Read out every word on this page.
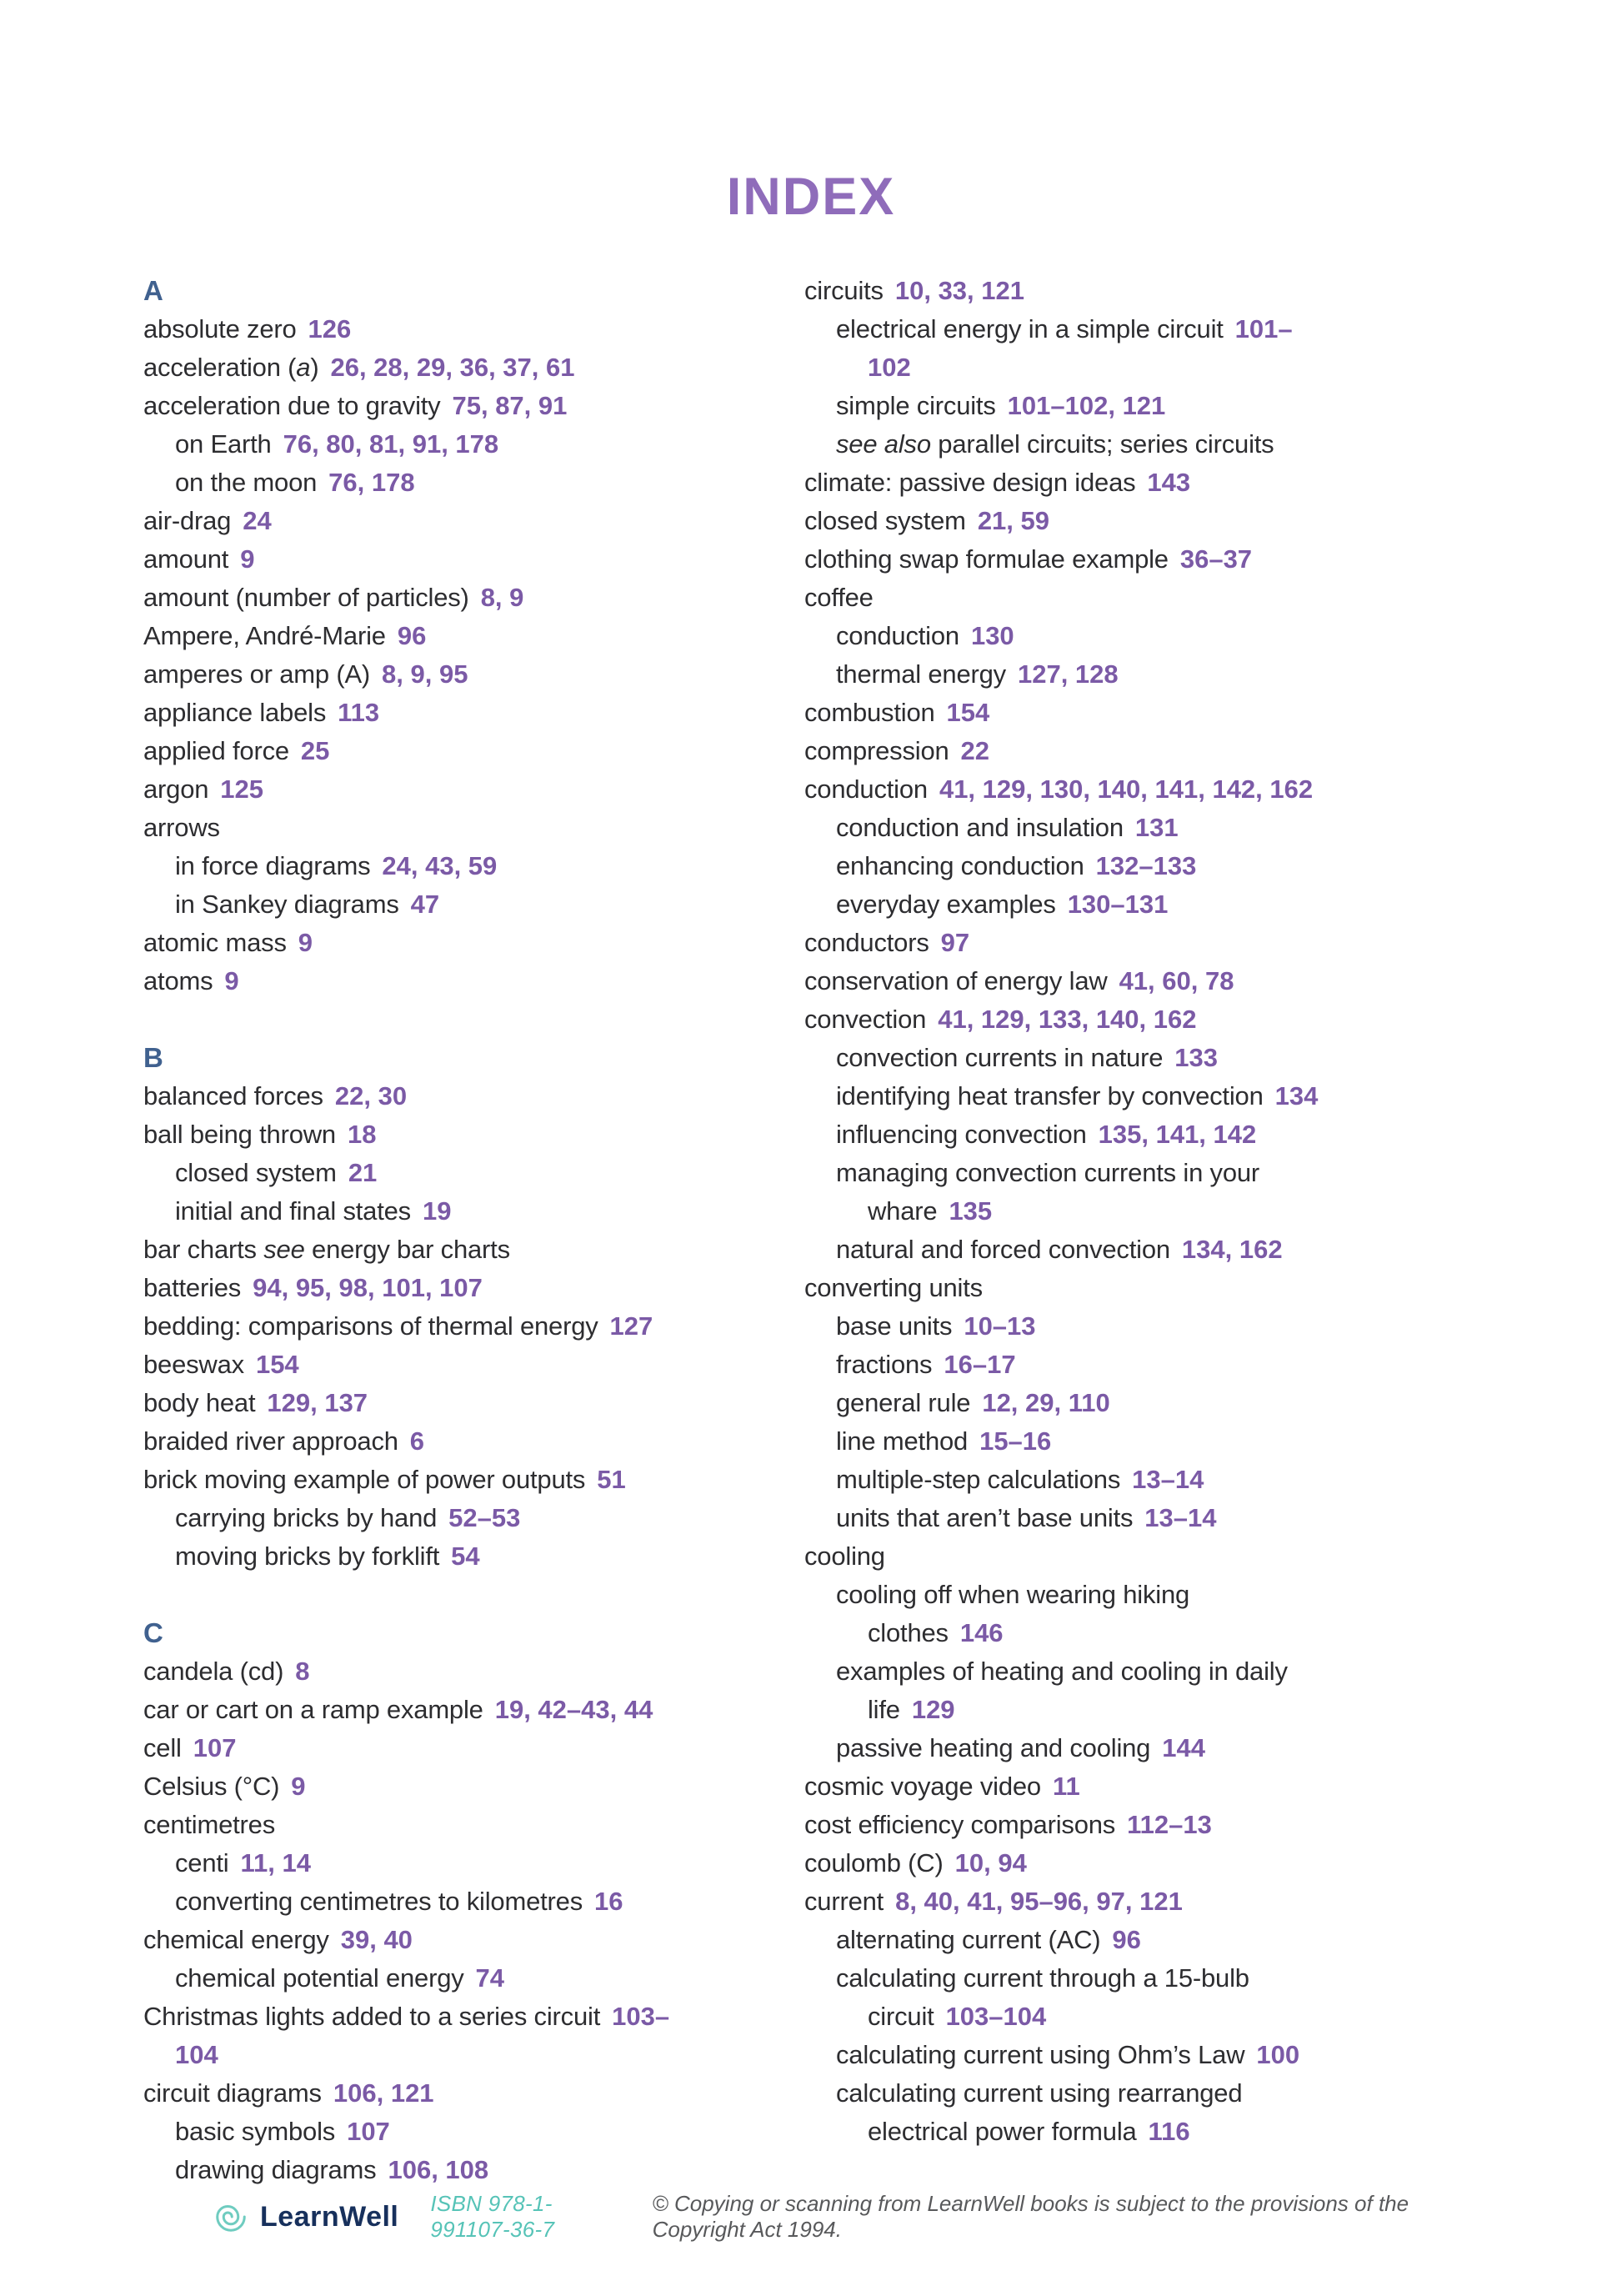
INDEX
A
absolute zero 126
acceleration (a) 26, 28, 29, 36, 37, 61
acceleration due to gravity 75, 87, 91
on Earth 76, 80, 81, 91, 178
on the moon 76, 178
air-drag 24
amount 9
amount (number of particles) 8, 9
Ampere, André-Marie 96
amperes or amp (A) 8, 9, 95
appliance labels 113
applied force 25
argon 125
arrows
in force diagrams 24, 43, 59
in Sankey diagrams 47
atomic mass 9
atoms 9
B
balanced forces 22, 30
ball being thrown 18
closed system 21
initial and final states 19
bar charts see energy bar charts
batteries 94, 95, 98, 101, 107
bedding: comparisons of thermal energy 127
beeswax 154
body heat 129, 137
braided river approach 6
brick moving example of power outputs 51
carrying bricks by hand 52–53
moving bricks by forklift 54
C
candela (cd) 8
car or cart on a ramp example 19, 42–43, 44
cell 107
Celsius (°C) 9
centimetres
centi 11, 14
converting centimetres to kilometres 16
chemical energy 39, 40
chemical potential energy 74
Christmas lights added to a series circuit 103–
104
circuit diagrams 106, 121
basic symbols 107
drawing diagrams 106, 108
circuits 10, 33, 121
electrical energy in a simple circuit 101–
102
simple circuits 101–102, 121
see also parallel circuits; series circuits
climate: passive design ideas 143
closed system 21, 59
clothing swap formulae example 36–37
coffee
conduction 130
thermal energy 127, 128
combustion 154
compression 22
conduction 41, 129, 130, 140, 141, 142, 162
conduction and insulation 131
enhancing conduction 132–133
everyday examples 130–131
conductors 97
conservation of energy law 41, 60, 78
convection 41, 129, 133, 140, 162
convection currents in nature 133
identifying heat transfer by convection 134
influencing convection 135, 141, 142
managing convection currents in your
whare 135
natural and forced convection 134, 162
converting units
base units 10–13
fractions 16–17
general rule 12, 29, 110
line method 15–16
multiple-step calculations 13–14
units that aren’t base units 13–14
cooling
cooling off when wearing hiking
clothes 146
examples of heating and cooling in daily
life 129
passive heating and cooling 144
cosmic voyage video 11
cost efficiency comparisons 112–13
coulomb (C) 10, 94
current 8, 40, 41, 95–96, 97, 121
alternating current (AC) 96
calculating current through a 15-bulb
circuit 103–104
calculating current using Ohm’s Law 100
calculating current using rearranged
electrical power formula 116
LearnWell ISBN 978-1-991107-36-7
© Copying or scanning from LearnWell books is subject to the provisions of the Copyright Act 1994.
